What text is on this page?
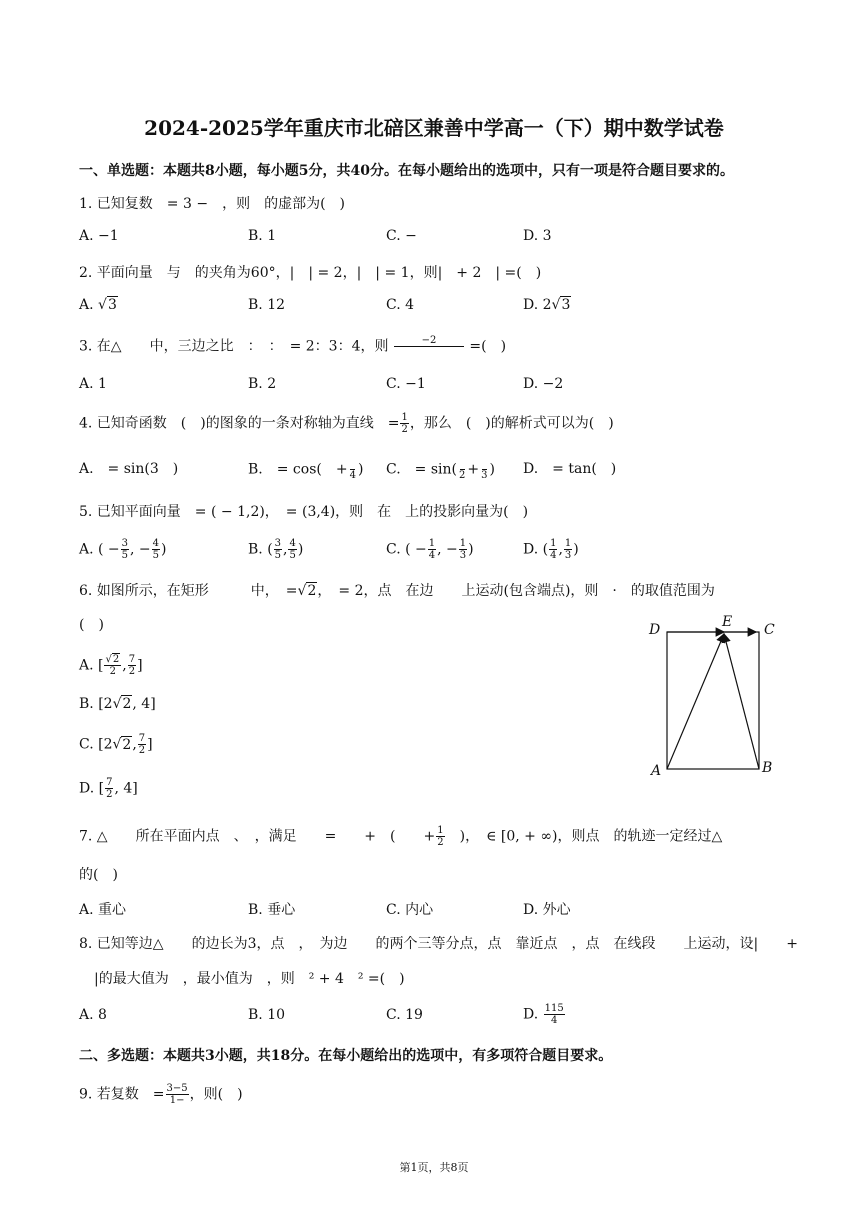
2024-2025学年重庆市北碚区兼善中学高一（下）期中数学试卷
一、单选题：本题共8小题，每小题5分，共40分。在每小题给出的选项中，只有一项是符合题目要求的。
1. 已知复数　= 3 −　，则　的虚部为(　)
A. −1	B. 1	C. −	D. 3
2. 平面向量　与　的夹角为60°，|　| = 2，|　| = 1，则|　+ 2　| =(　)
A. √3	B. 12	C. 4	D. 2√3
3. 在△　　中，三边之比　：　：　= 2：3：4，则	−2
	=(　)
A. 1	B. 2	C. −1	D. −2
4. 已知奇函数　(　)的图象的一条对称轴为直线　= $\frac{1}{2}$ ，那么　(　)的解析式可以为(　)
A.　= sin(3　)	B.　= cos(　+
4 ) C.　= sin(
2 +
3 ) D.　= tan(　)
5. 已知平面向量　= ( − 1,2)，　= (3,4)，则　在　上的投影向量为(　)
A. ( − $\frac{3}{5}$ , − $\frac{4}{5}$ )	B. ( $\frac{3}{5}$ , $\frac{4}{5}$ )	C. ( − $\frac{1}{4}$ , − $\frac{1}{3}$ )	D. ( $\frac{1}{4}$ , $\frac{1}{3}$ )
6. 如图所示，在矩形　　　中，　=√2，　= 2，点　在边　　上运动(包含端点)，则　·　的取值范围为
(　)
A. [ $\frac{√2}{2}$ , $\frac{7}{2}$ ]
B. [2√2, 4]
C. [2√2, $\frac{7}{2}$ ]
D. [ $\frac{7}{2}$ , 4]
D	E C
A	B
7. △　　所在平面内点　、　，满足　　=　　+　(　　+ $\frac{1}{2}$ 　)，　∈ [0, + ∞)，则点　的轨迹一定经过△
的(　)
A. 重心	B. 垂心	C. 内心	D. 外心
8. 已知等边△　　的边长为3，点　，　为边　　的两个三等分点，点　靠近点　，点　在线段　　上运动，设|　　+
|的最大值为　，最小值为　，则　² + 4　² =(　)
A. 8	B. 10	C. 19	D. $\frac{115}{4}$
二、多选题：本题共3小题，共18分。在每小题给出的选项中，有多项符合题目要求。
9. 若复数　= $\frac{3-5}{1-}$ ，则(　)
第1页，共8页
